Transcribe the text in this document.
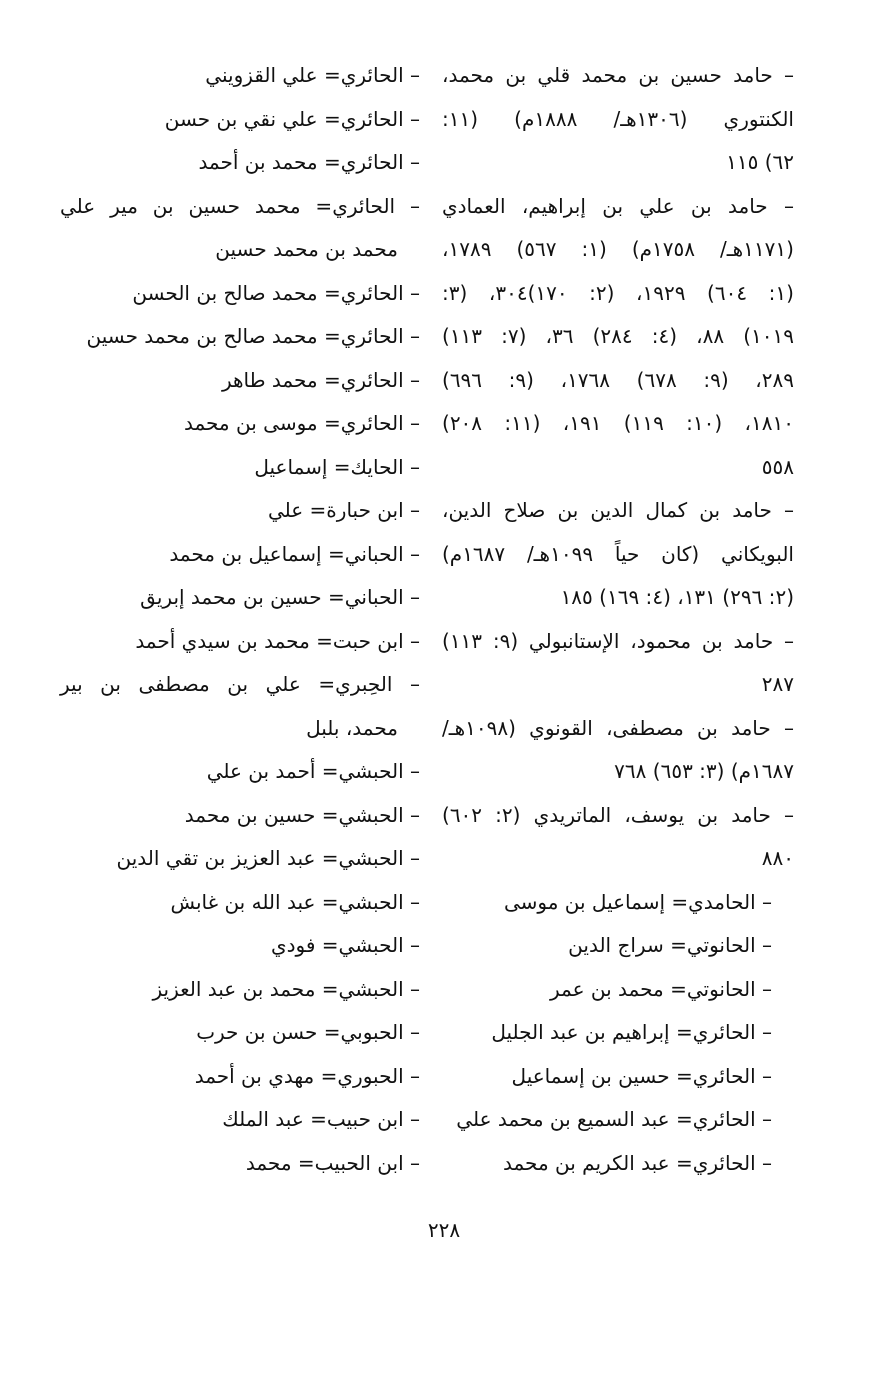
– حامد حسين بن محمد قلي بن محمد،
الكنتوري (١٣٠٦هـ/ ١٨٨٨م) (١١:
٦٢) ١١٥
– حامد بن علي بن إبراهيم، العمادي
(١١٧١هـ/ ١٧٥٨م) (١: ٥٦٧) ١٧٨٩،
(١: ٦٠٤) ١٩٢٩، (٢: ١٧٠)٣٠٤، (٣:
١٠١٩) ٨٨، (٤: ٢٨٤) ٣٦، (٧: ١١٣)
٢٨٩، (٩: ٦٧٨) ١٧٦٨، (٩: ٦٩٦)
١٨١٠، (١٠: ١١٩) ١٩١، (١١: ٢٠٨)
٥٥٨
– حامد بن كمال الدين بن صلاح الدين،
البويكاني (كان حياً ١٠٩٩هـ/ ١٦٨٧م)
(٢: ٢٩٦) ١٣١، (٤: ١٦٩) ١٨٥
– حامد بن محمود، الإستانبولي (٩: ١١٣)
٢٨٧
– حامد بن مصطفى، القونوي (١٠٩٨هـ/
١٦٨٧م) (٣: ٦٥٣) ٧٦٨
– حامد بن يوسف، الماتريدي (٢: ٦٠٢)
٨٨٠
– الحامدي= إسماعيل بن موسى
– الحانوتي= سراج الدين
– الحانوتي= محمد بن عمر
– الحائري= إبراهيم بن عبد الجليل
– الحائري= حسين بن إسماعيل
– الحائري= عبد السميع بن محمد علي
– الحائري= عبد الكريم بن محمد
– الحائري= علي القزويني
– الحائري= علي نقي بن حسن
– الحائري= محمد بن أحمد
– الحائري= محمد حسين بن مير علي
محمد بن محمد حسين
– الحائري= محمد صالح بن الحسن
– الحائري= محمد صالح بن محمد حسين
– الحائري= محمد طاهر
– الحائري= موسى بن محمد
– الحايك= إسماعيل
– ابن حبارة= علي
– الحباني= إسماعيل بن محمد
– الحباني= حسين بن محمد إبريق
– ابن حبت= محمد بن سيدي أحمد
– الحِبري= علي بن مصطفى بن بير
محمد، بلبل
– الحبشي= أحمد بن علي
– الحبشي= حسين بن محمد
– الحبشي= عبد العزيز بن تقي الدين
– الحبشي= عبد الله بن غابش
– الحبشي= فودي
– الحبشي= محمد بن عبد العزيز
– الحبوبي= حسن بن حرب
– الحبوري= مهدي بن أحمد
– ابن حبيب= عبد الملك
– ابن الحبيب= محمد
٢٢٨
